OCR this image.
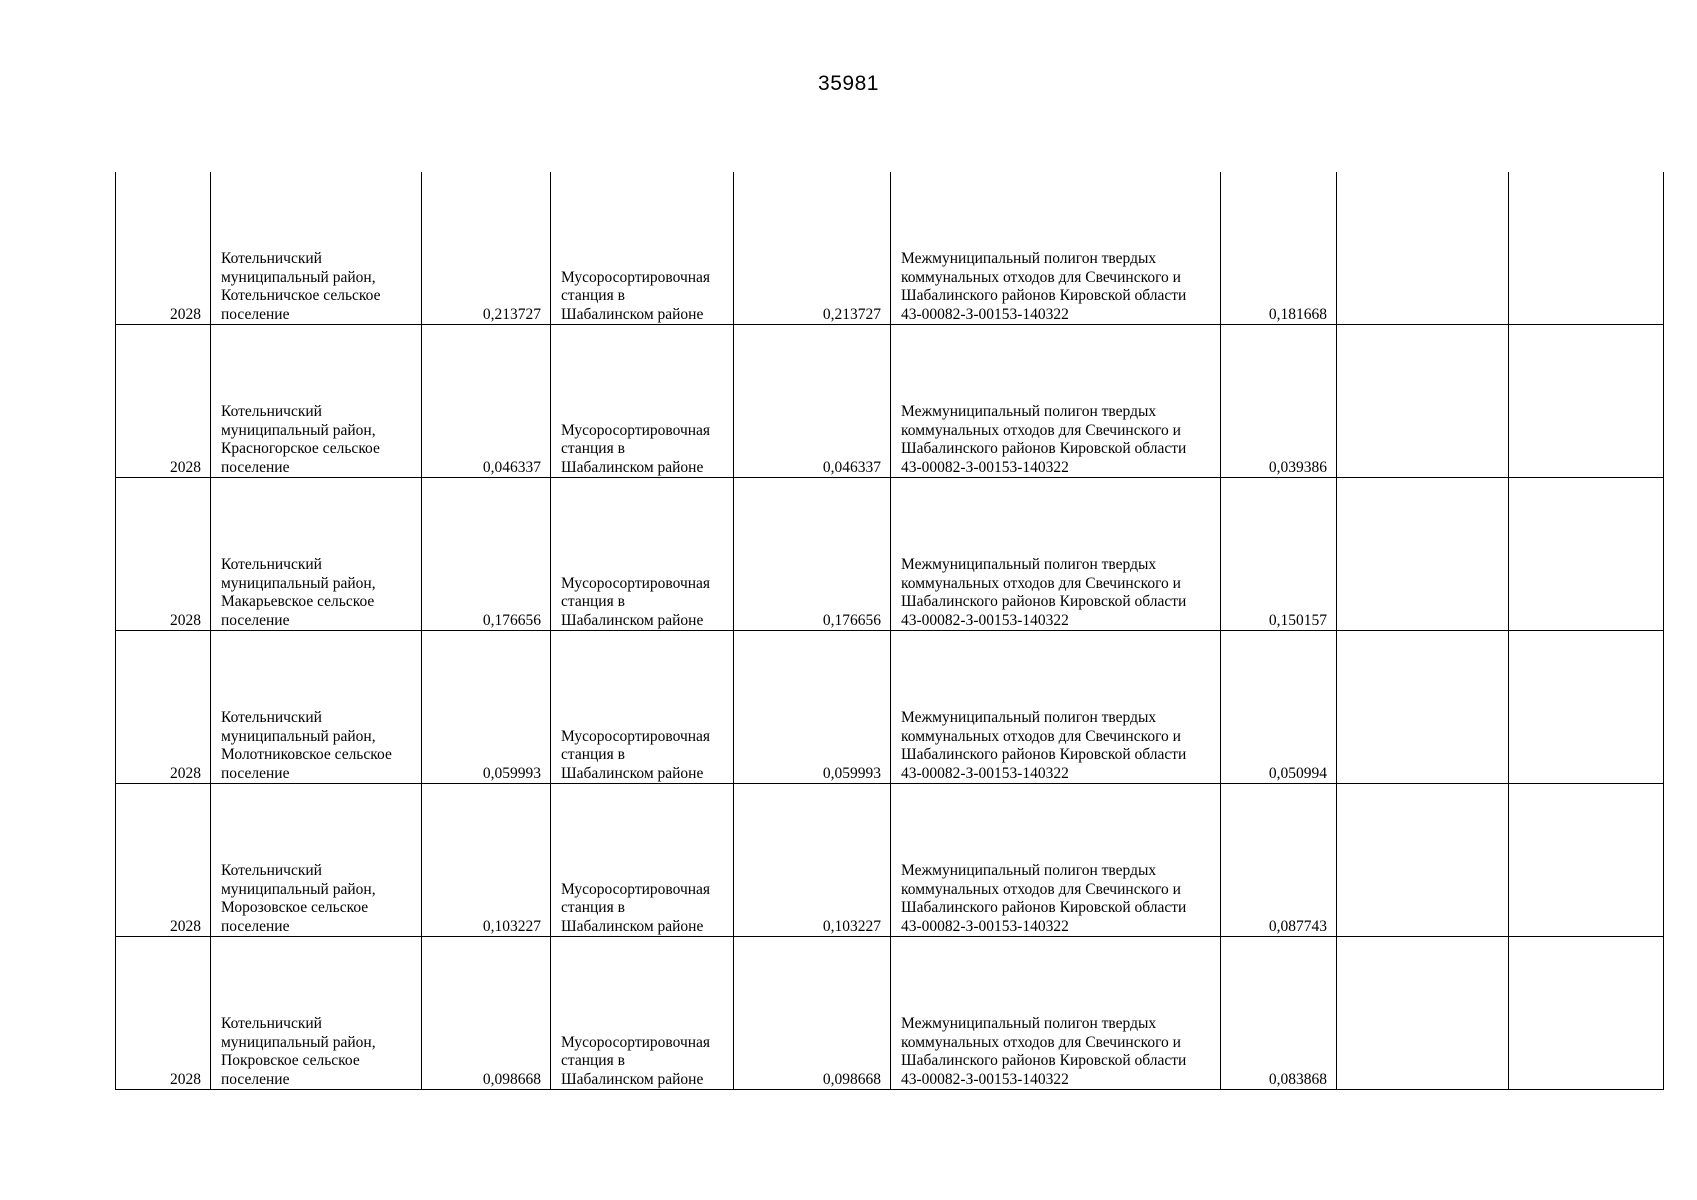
35981
2028	Котельничский
муниципальный район,
Котельничское сельское
поселение	0,213727	Мусоросортировочная
станция в
Шабалинском районе	0,213727	Межмуниципальный полигон твердых
коммунальных отходов для Свечинского и
Шабалинского районов Кировской области
43-00082-З-00153-140322	0,181668		
2028	Котельничский
муниципальный район,
Красногорское сельское
поселение	0,046337	Мусоросортировочная
станция в
Шабалинском районе	0,046337	Межмуниципальный полигон твердых
коммунальных отходов для Свечинского и
Шабалинского районов Кировской области
43-00082-З-00153-140322	0,039386		
2028	Котельничский
муниципальный район,
Макарьевское сельское
поселение	0,176656	Мусоросортировочная
станция в
Шабалинском районе	0,176656	Межмуниципальный полигон твердых
коммунальных отходов для Свечинского и
Шабалинского районов Кировской области
43-00082-З-00153-140322	0,150157		
2028	Котельничский
муниципальный район,
Молотниковское сельское
поселение	0,059993	Мусоросортировочная
станция в
Шабалинском районе	0,059993	Межмуниципальный полигон твердых
коммунальных отходов для Свечинского и
Шабалинского районов Кировской области
43-00082-З-00153-140322	0,050994		
2028	Котельничский
муниципальный район,
Морозовское сельское
поселение	0,103227	Мусоросортировочная
станция в
Шабалинском районе	0,103227	Межмуниципальный полигон твердых
коммунальных отходов для Свечинского и
Шабалинского районов Кировской области
43-00082-З-00153-140322	0,087743		
2028	Котельничский
муниципальный район,
Покровское сельское
поселение	0,098668	Мусоросортировочная
станция в
Шабалинском районе	0,098668	Межмуниципальный полигон твердых
коммунальных отходов для Свечинского и
Шабалинского районов Кировской области
43-00082-З-00153-140322	0,083868		
